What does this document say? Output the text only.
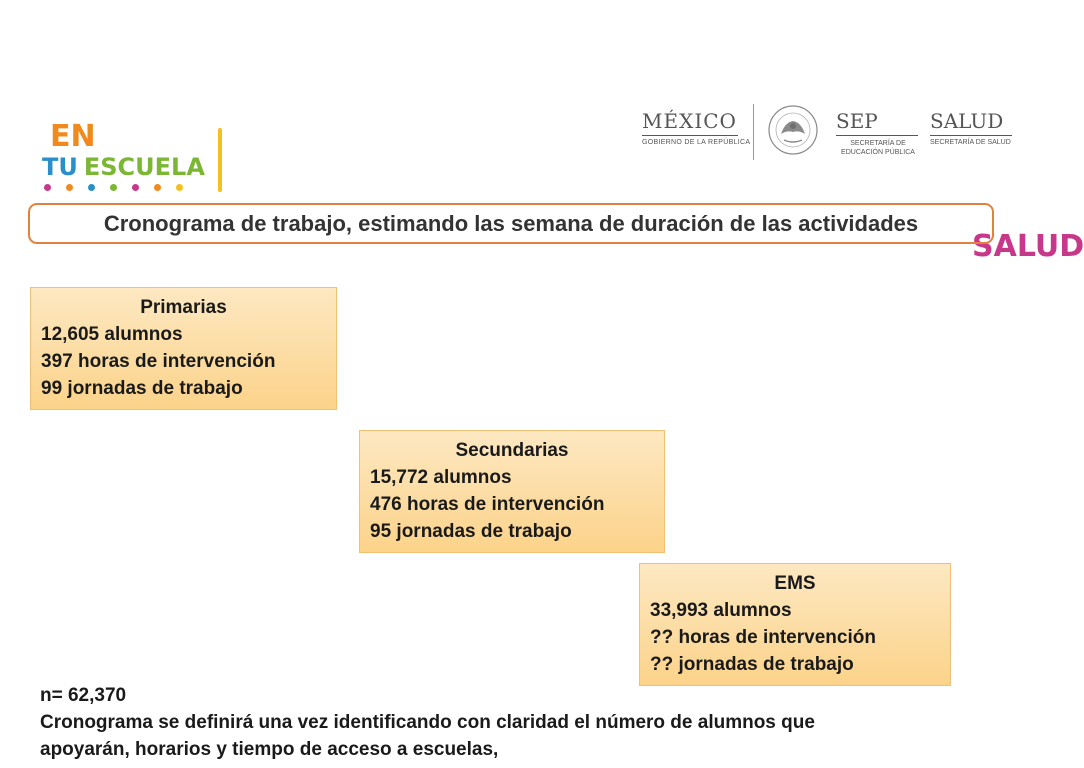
SALUD
EN
TU ESCUELA
MÉXICO
GOBIERNO DE LA REPÚBLICA
SEP
SECRETARÍA DE
EDUCACIÓN PÚBLICA
SALUD
SECRETARÍA DE SALUD
Cronograma de trabajo, estimando las semana de duración de las actividades
Primarias
12,605 alumnos
397 horas de intervención
99 jornadas de trabajo
Secundarias
15,772 alumnos
476 horas de intervención
95 jornadas de trabajo
EMS
33,993 alumnos
?? horas de intervención
?? jornadas de trabajo
n= 62,370
Cronograma se definirá una vez identificando con claridad el número de alumnos que
apoyarán, horarios y tiempo de acceso a escuelas,
